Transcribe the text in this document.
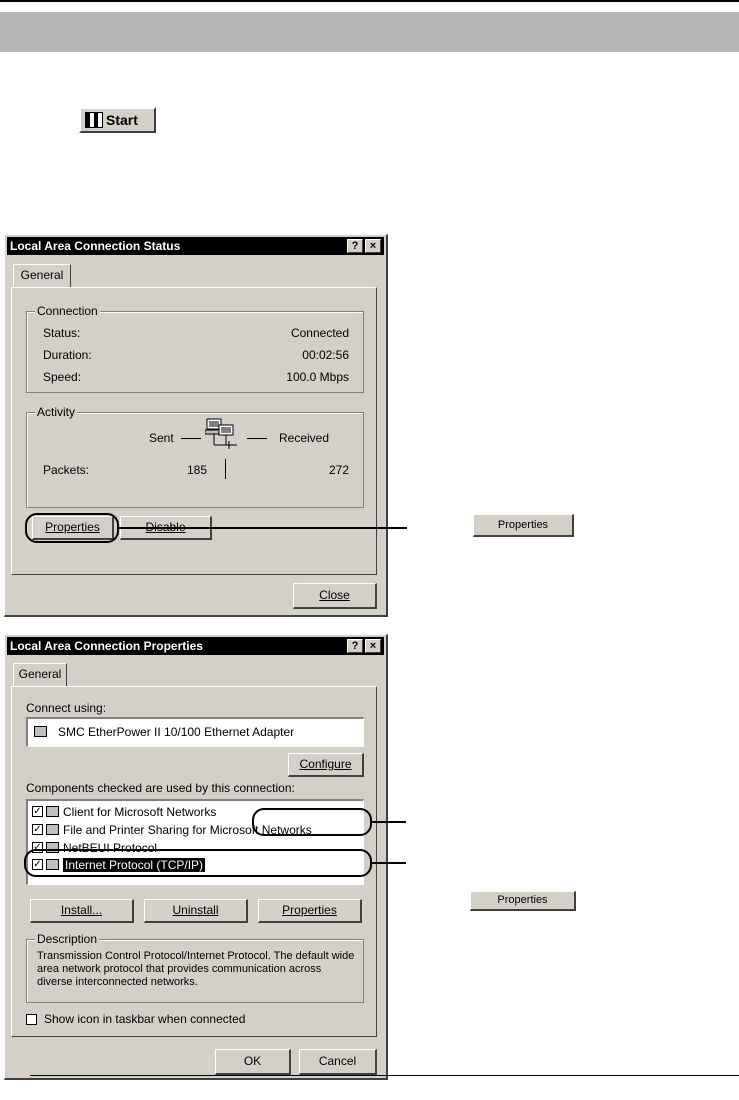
Start
Local Area Connection Status	?	×
General
Connection
Status:	Connected
Duration:	00:02:56
Speed:	100.0 Mbps
Activity
Sent	Received
Packets:	185	272
Properties
Close
Properties
Local Area Connection Properties	?	×
General
Connect using:
SMC EtherPower II 10/100 Ethernet Adapter
Configure
Components checked are used by this connection:
✓ Client for Microsoft Networks
✓ File and Printer Sharing for Microsoft Networks
✓ NetBEUI Protocol
✓ Internet Protocol (TCP/IP)
Install...	Uninstall	Properties
Description
Transmission Control Protocol/Internet Protocol. The default wide area network protocol that provides communication across diverse interconnected networks.
Show icon in taskbar when connected
OK	Cancel
Properties
